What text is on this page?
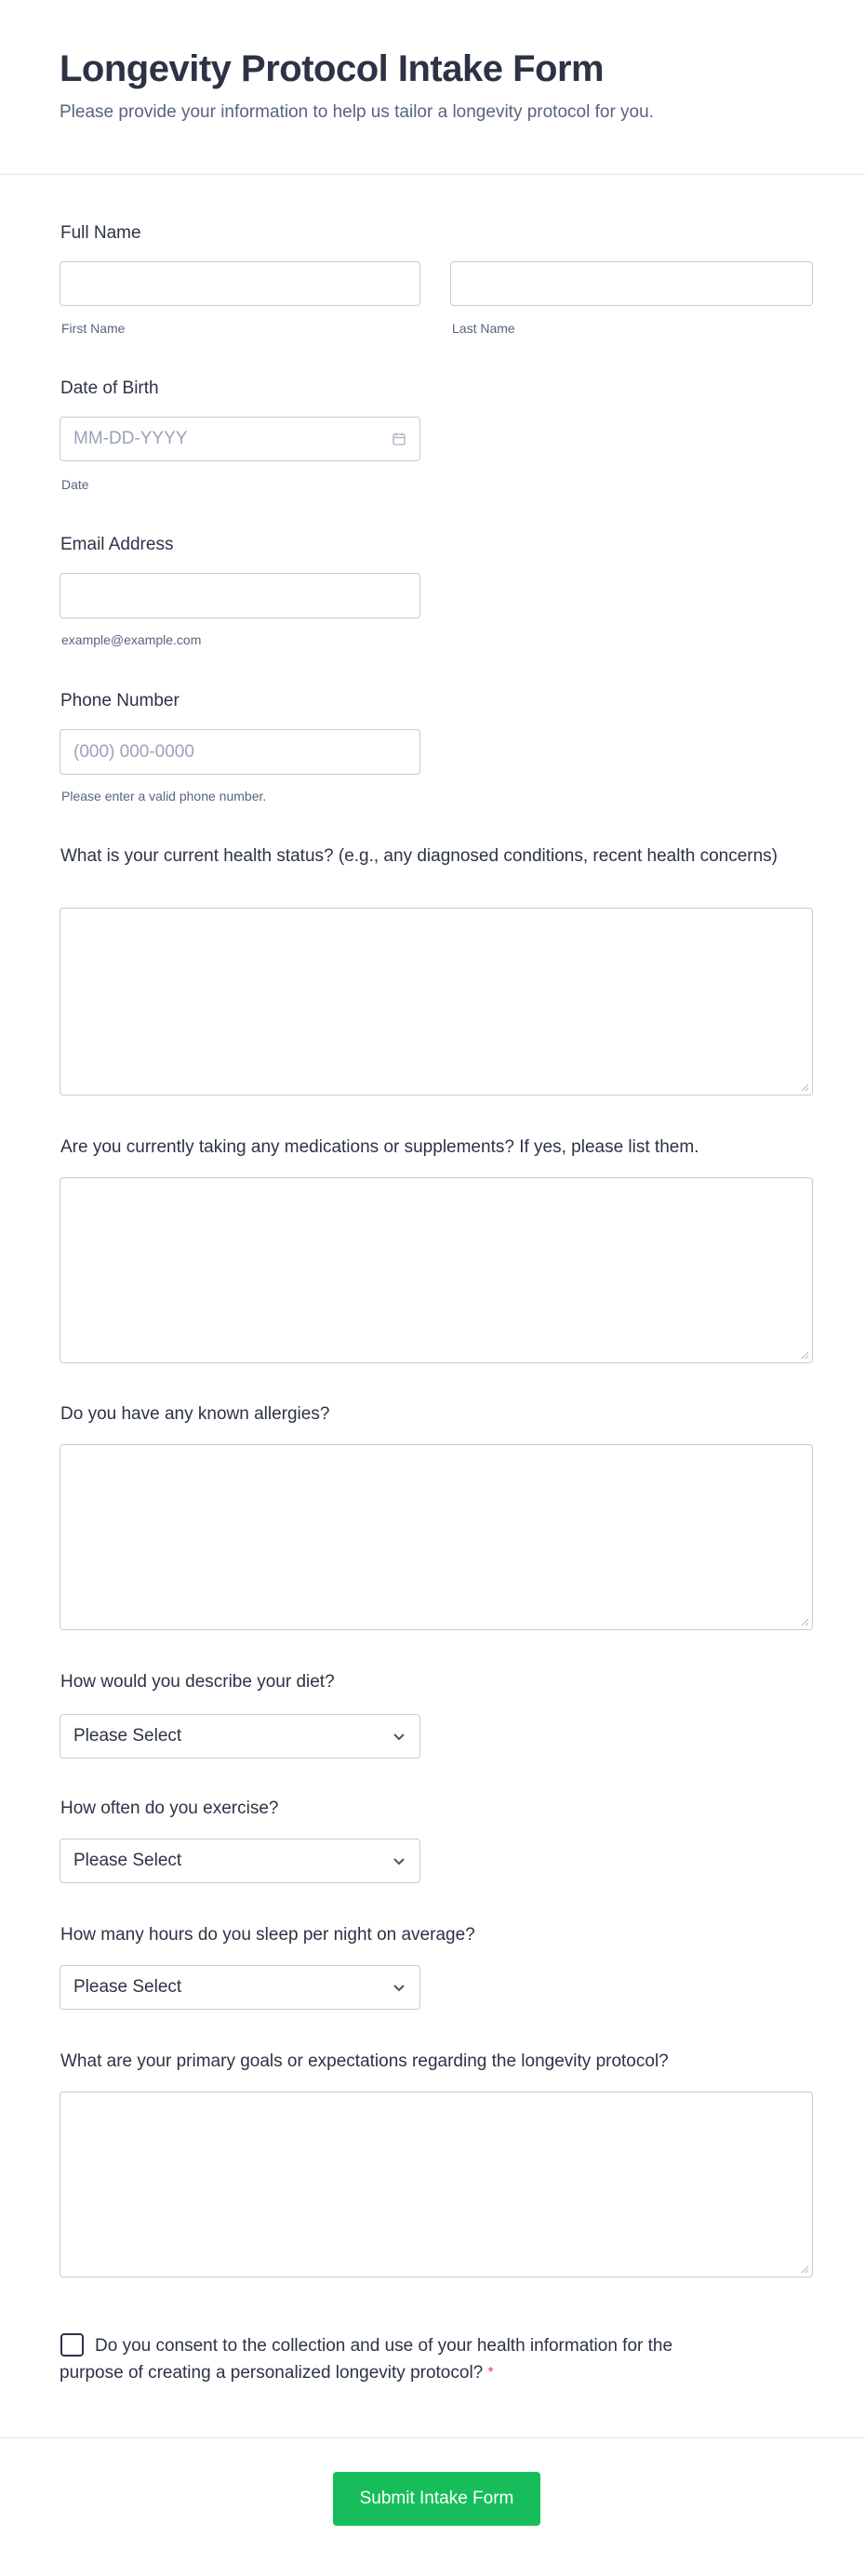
Longevity Protocol Intake Form
Please provide your information to help us tailor a longevity protocol for you.
Full Name
First Name	Last Name
Date of Birth
MM-DD-YYYY
Date
Email Address
example@example.com
Phone Number
(000) 000-0000
Please enter a valid phone number.
What is your current health status? (e.g., any diagnosed conditions, recent health concerns)
Are you currently taking any medications or supplements? If yes, please list them.
Do you have any known allergies?
How would you describe your diet?
Please Select
How often do you exercise?
Please Select
How many hours do you sleep per night on average?
Please Select
What are your primary goals or expectations regarding the longevity protocol?
Do you consent to the collection and use of your health information for the purpose of creating a personalized longevity protocol? *
Submit Intake Form
